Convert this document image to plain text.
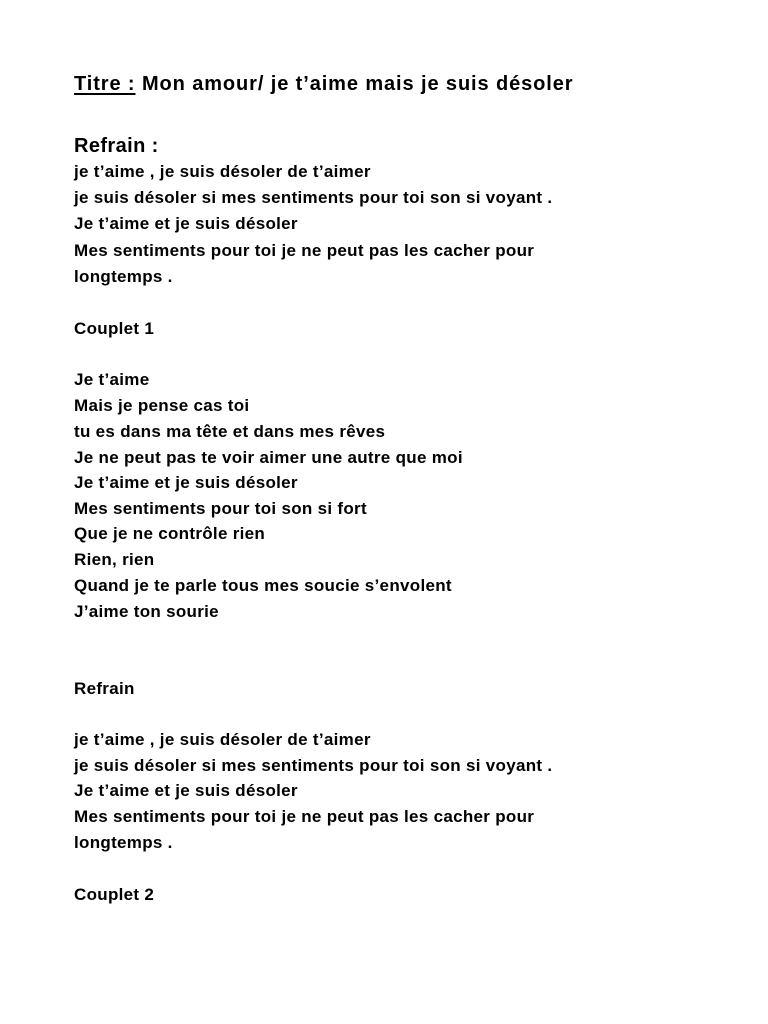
Titre : Mon amour/ je t’aime mais je suis désoler

Refrain :

je t’aime , je suis désoler de t’aimer

je suis désoler si mes sentiments pour toi son si voyant .

Je t’aime et je suis désoler

Mes sentiments pour toi je ne peut pas les cacher pour

longtemps .

Couplet 1

Je t’aime

Mais je pense cas toi

tu es dans ma tête et dans mes rêves

Je ne peut pas te voir aimer une autre que moi

Je t’aime et je suis désoler

Mes sentiments pour toi son si fort

Que je ne contrôle rien

Rien, rien

Quand je te parle tous mes soucie s’envolent

J’aime ton sourie

Refrain

je t’aime , je suis désoler de t’aimer

je suis désoler si mes sentiments pour toi son si voyant .

Je t’aime et je suis désoler

Mes sentiments pour toi je ne peut pas les cacher pour

longtemps .

Couplet 2
